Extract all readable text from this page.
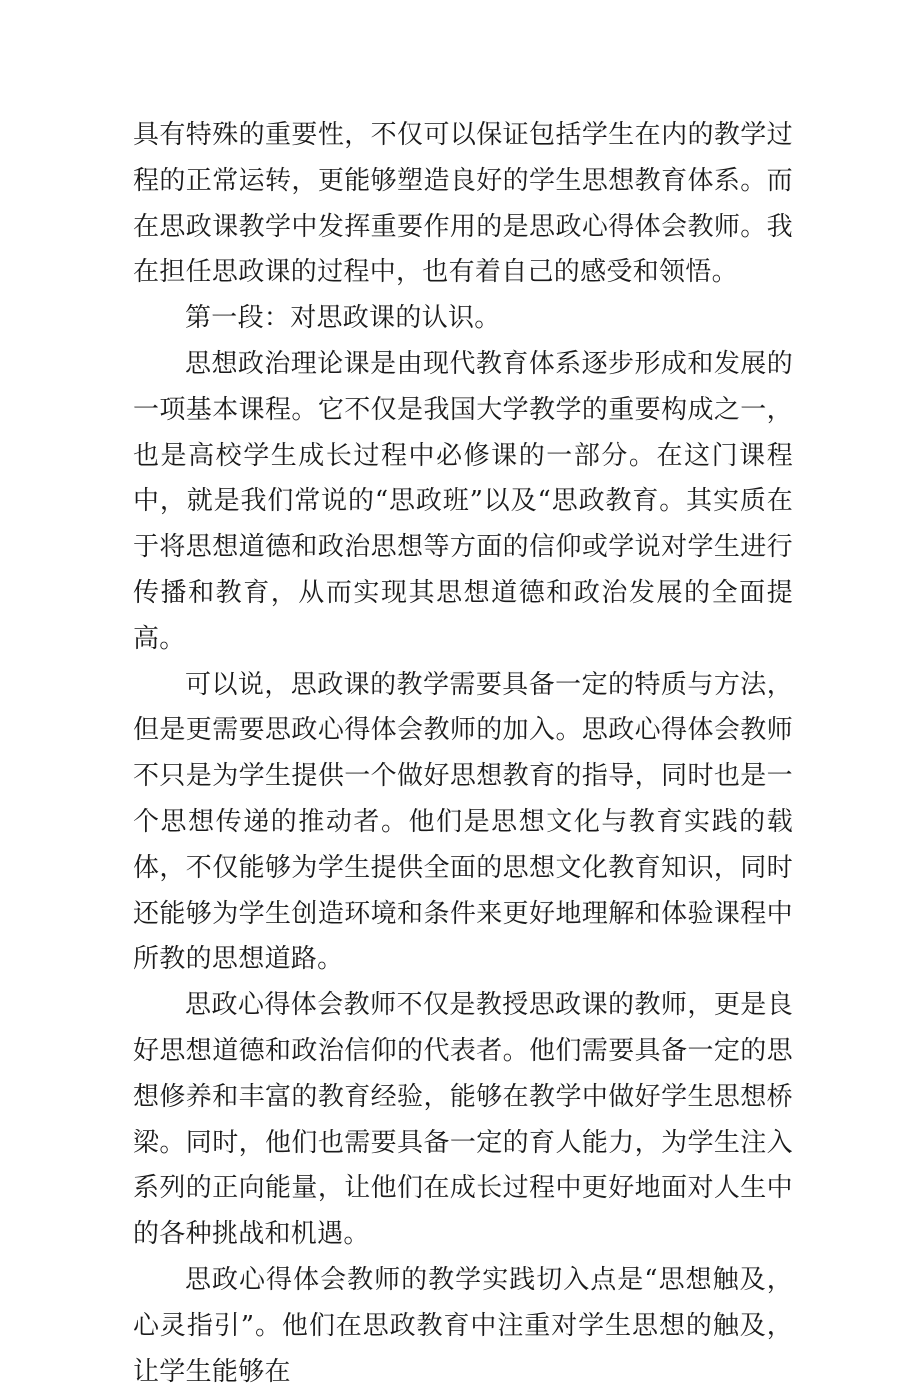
具有特殊的重要性，不仅可以保证包括学生在内的教学过程的正常运转，更能够塑造良好的学生思想教育体系。而在思政课教学中发挥重要作用的是思政心得体会教师。我在担任思政课的过程中，也有着自己的感受和领悟。

第一段：对思政课的认识。

思想政治理论课是由现代教育体系逐步形成和发展的一项基本课程。它不仅是我国大学教学的重要构成之一，也是高校学生成长过程中必修课的一部分。在这门课程中，就是我们常说的“思政班”以及“思政教育。其实质在于将思想道德和政治思想等方面的信仰或学说对学生进行传播和教育，从而实现其思想道德和政治发展的全面提高。

可以说，思政课的教学需要具备一定的特质与方法，但是更需要思政心得体会教师的加入。思政心得体会教师不只是为学生提供一个做好思想教育的指导，同时也是一个思想传递的推动者。他们是思想文化与教育实践的载体，不仅能够为学生提供全面的思想文化教育知识，同时还能够为学生创造环境和条件来更好地理解和体验课程中所教的思想道路。

思政心得体会教师不仅是教授思政课的教师，更是良好思想道德和政治信仰的代表者。他们需要具备一定的思想修养和丰富的教育经验，能够在教学中做好学生思想桥梁。同时，他们也需要具备一定的育人能力，为学生注入系列的正向能量，让他们在成长过程中更好地面对人生中的各种挑战和机遇。

思政心得体会教师的教学实践切入点是“思想触及，心灵指引”。他们在思政教育中注重对学生思想的触及，让学生能够在
